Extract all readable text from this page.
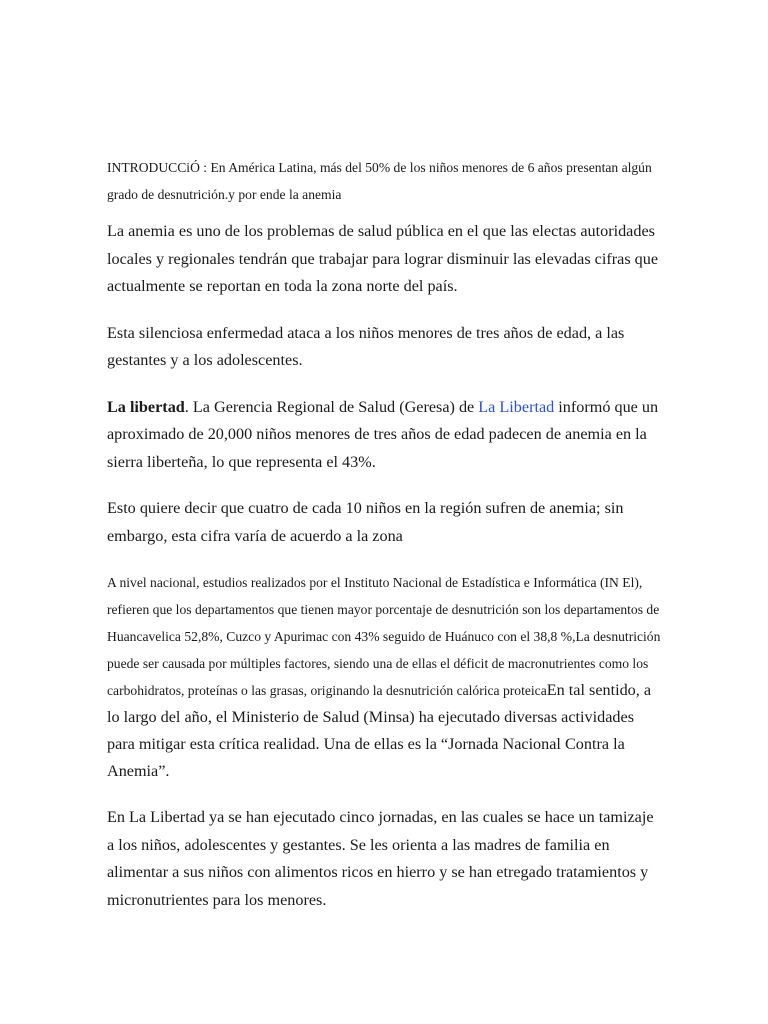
INTRODUCCiÓ : En América Latina, más del 50% de los niños menores de 6 años presentan algún grado de desnutrición.y por ende la anemia

La anemia es uno de los problemas de salud pública en el que las electas autoridades locales y regionales tendrán que trabajar para lograr disminuir las elevadas cifras que actualmente se reportan en toda la zona norte del país.

Esta silenciosa enfermedad ataca a los niños menores de tres años de edad, a las gestantes y a los adolescentes.

La libertad. La Gerencia Regional de Salud (Geresa) de La Libertad informó que un aproximado de 20,000 niños menores de tres años de edad padecen de anemia en la sierra liberteña, lo que representa el 43%.

Esto quiere decir que cuatro de cada 10 niños en la región sufren de anemia; sin embargo, esta cifra varía de acuerdo a la zona

A nivel nacional, estudios realizados por el Instituto Nacional de Estadística e Informática (IN El), refieren que los departamentos que tienen mayor porcentaje de desnutrición son los departamentos de Huancavelica 52,8%, Cuzco y Apurimac con 43% seguido de Huánuco con el 38,8 %,La desnutrición puede ser causada por múltiples factores, siendo una de ellas el déficit de macronutrientes como los carbohidratos, proteínas o las grasas, originando la desnutrición calórica proteicaEn tal sentido, a lo largo del año, el Ministerio de Salud (Minsa) ha ejecutado diversas actividades para mitigar esta crítica realidad. Una de ellas es la “Jornada Nacional Contra la Anemia”.

En La Libertad ya se han ejecutado cinco jornadas, en las cuales se hace un tamizaje a los niños, adolescentes y gestantes. Se les orienta a las madres de familia en alimentar a sus niños con alimentos ricos en hierro y se han etregado tratamientos y micronutrientes para los menores.
